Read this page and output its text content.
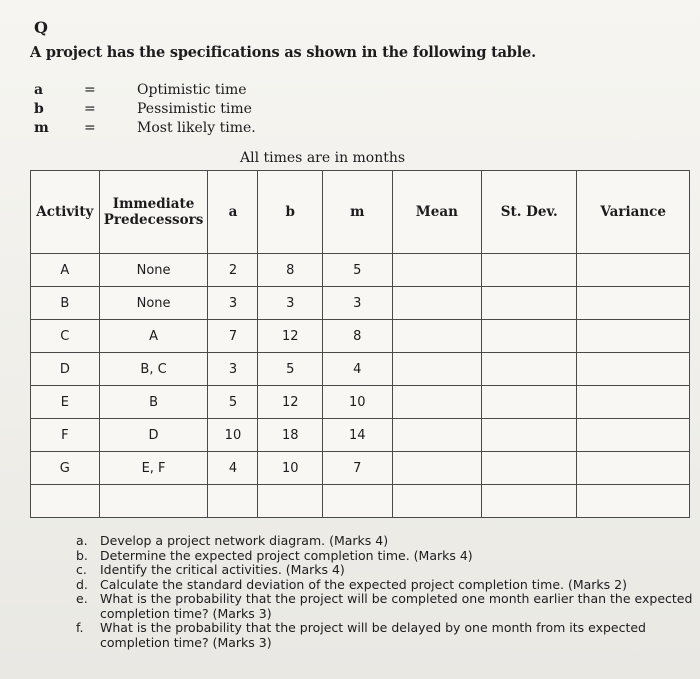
Q
A project has the specifications as shown in the following table.
a	=	Optimistic time
b	=	Pessimistic time
m	=	Most likely time.
All times are in months
Activity	Immediate Predecessors	a	b	m	Mean	St. Dev.	Variance
A	None	2	8	5			
B	None	3	3	3			
C	A	7	12	8			
D	B, C	3	5	4			
E	B	5	12	10			
F	D	10	18	14			
G	E, F	4	10	7			

a. Develop a project network diagram. (Marks 4)
b. Determine the expected project completion time. (Marks 4)
c.	Identify the critical activities. (Marks 4)
d. Calculate the standard deviation of the expected project completion time. (Marks 2)
e. What is the probability that the project will be completed one month earlier than the expected completion time? (Marks 3)
f.	What is the probability that the project will be delayed by one month from its expected completion time? (Marks 3)
